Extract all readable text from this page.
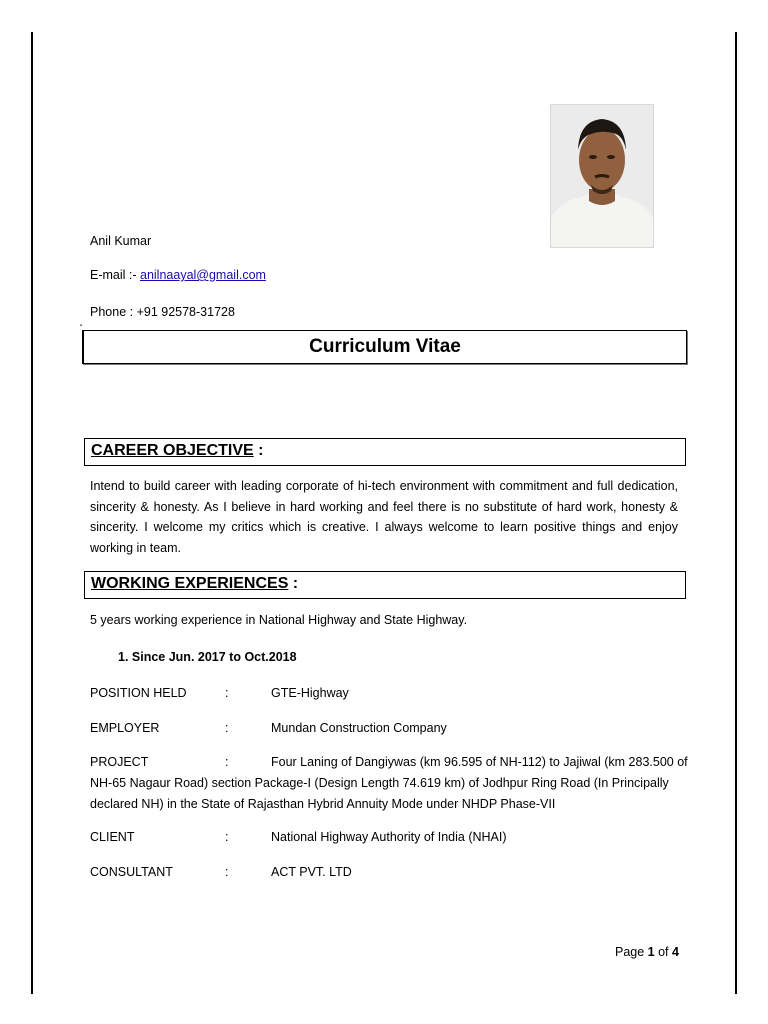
Anil Kumar
E-mail :- anilnaayal@gmail.com
˛
Phone : +91 92578-31728
Curriculum Vitae
CAREER OBJECTIVE :
Intend to build career with leading corporate of hi-tech environment with commitment and full dedication, sincerity & honesty. As I believe in hard working and feel there is no substitute of hard work, honesty & sincerity. I welcome my critics which is creative. I always welcome to learn positive things and enjoy working in team.
WORKING EXPERIENCES :
5 years working experience in National Highway and State Highway.
1. Since Jun. 2017 to Oct.2018
POSITION HELD	:	GTE-Highway
EMPLOYER	:	Mundan Construction Company
PROJECT	:	Four Laning of Dangiywas (km 96.595 of NH-112) to Jajiwal (km 283.500 of
NH-65 Nagaur Road) section Package-I (Design Length 74.619 km) of Jodhpur Ring Road (In Principally declared NH) in the State of Rajasthan Hybrid Annuity Mode under NHDP Phase-VII
CLIENT	:	National Highway Authority of India (NHAI)
CONSULTANT	:	ACT PVT. LTD
Page 1 of 4
